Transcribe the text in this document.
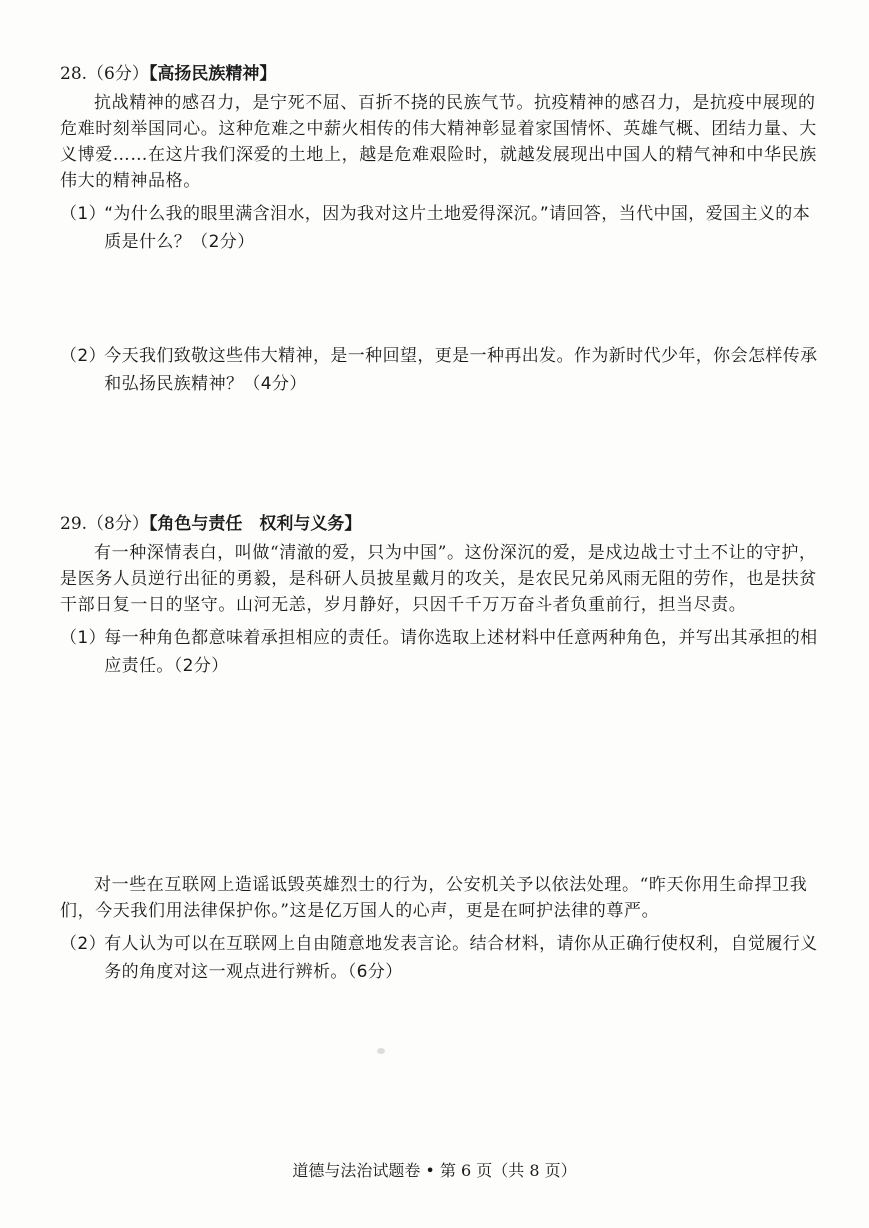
28.（6分）【高扬民族精神】

抗战精神的感召力，是宁死不屈、百折不挠的民族气节。抗疫精神的感召力，是抗疫中展现的危难时刻举国同心。这种危难之中薪火相传的伟大精神彰显着家国情怀、英雄气概、团结力量、大义博爱……在这片我们深爱的土地上，越是危难艰险时，就越发展现出中国人的精气神和中华民族伟大的精神品格。

（1）“为什么我的眼里满含泪水，因为我对这片土地爱得深沉。”请回答，当代中国，爱国主义的本质是什么？（2分）

（2）今天我们致敬这些伟大精神，是一种回望，更是一种再出发。作为新时代少年，你会怎样传承和弘扬民族精神？（4分）

29.（8分）【角色与责任　权利与义务】

有一种深情表白，叫做“清澈的爱，只为中国”。这份深沉的爱，是戍边战士寸土不让的守护，是医务人员逆行出征的勇毅，是科研人员披星戴月的攻关，是农民兄弟风雨无阻的劳作，也是扶贫干部日复一日的坚守。山河无恙，岁月静好，只因千千万万奋斗者负重前行，担当尽责。

（1）每一种角色都意味着承担相应的责任。请你选取上述材料中任意两种角色，并写出其承担的相应责任。（2分）

对一些在互联网上造谣诋毁英雄烈士的行为，公安机关予以依法处理。“昨天你用生命捍卫我们，今天我们用法律保护你。”这是亿万国人的心声，更是在呵护法律的尊严。

（2）有人认为可以在互联网上自由随意地发表言论。结合材料，请你从正确行使权利，自觉履行义务的角度对这一观点进行辨析。（6分）

道德与法治试题卷 • 第 6 页（共 8 页）
